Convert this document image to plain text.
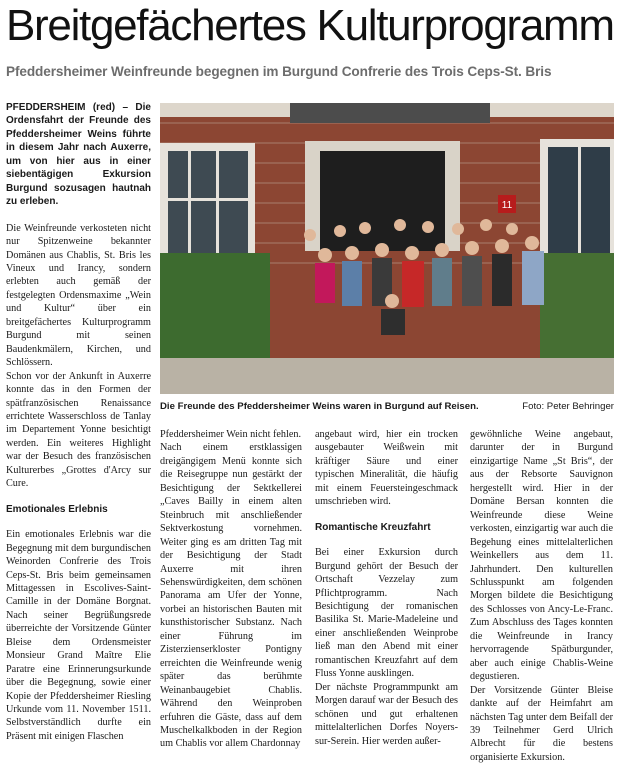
Breitgefächertes Kulturprogramm
Pfeddersheimer Weinfreunde begegnen im Burgund Confrerie des Trois Ceps-St. Bris

PFEDDERSHEIM (red) – Die Ordensfahrt der Freunde des Pfeddersheimer Weins führte in diesem Jahr nach Auxerre, um von hier aus in einer siebentägigen Exkursion Burgund sozusagen hautnah zu erleben.

Die Weinfreunde verkosteten nicht nur Spitzenweine bekannter Domänen aus Chablis, St. Bris les Vineux und Irancy, sondern erlebten auch gemäß der festgelegten Ordensmaxime „Wein und Kultur“ über ein breitgefächertes Kulturprogramm Burgund mit seinen Baudenkmälern, Kirchen, und Schlössern.

Schon vor der Ankunft in Auxerre konnte das in den Formen der spätfranzösischen Renaissance errichtete Wasserschloss de Tanlay im Departement Yonne besichtigt werden. Ein weiteres Highlight war der Besuch des französischen Kulturerbes „Grottes d'Arcy sur Cure.

Emotionales Erlebnis

Ein emotionales Erlebnis war die Begegnung mit dem burgundischen Weinorden Confrerie des Trois Ceps-St. Bris beim gemeinsamen Mittagessen in Escolives-Saint-Camille in der Domäne Borgnat. Nach seiner Begrüßungsrede überreichte der Vorsitzende Günter Bleise dem Ordensmeister Monsieur Grand Maître Elie Paratre eine Erinnerungsurkunde über die Begegnung, sowie einer Kopie der Pfeddersheimer Riesling Urkunde vom 11. November 1511. Selbstverständlich durfte ein Präsent mit einigen Flaschen

11
Die Freunde des Pfeddersheimer Weins waren in Burgund auf Reisen.	Foto: Peter Behringer

Pfeddersheimer Wein nicht fehlen.

Nach einem erstklassigen dreigängigem Menü konnte sich die Reisegruppe nun gestärkt der Besichtigung der Sektkellerei „Caves Bailly in einem alten Steinbruch mit anschließender Sektverkostung vornehmen. Weiter ging es am dritten Tag mit der Besichtigung der Stadt Auxerre mit ihren Sehenswürdigkeiten, dem schönen Panorama am Ufer der Yonne, vorbei an historischen Bauten mit kunsthistorischer Substanz. Nach einer Führung im Zisterzienserkloster Pontigny erreichten die Weinfreunde wenig später das berühmte Weinanbaugebiet Chablis. Während den Weinproben erfuhren die Gäste, dass auf dem Muschelkalkboden in der Region um Chablis vor allem Chardonnay

angebaut wird, hier ein trocken ausgebauter Weißwein mit kräftiger Säure und einer typischen Mineralität, die häufig mit einem Feuersteingeschmack umschrieben wird.

Romantische Kreuzfahrt

Bei einer Exkursion durch Burgund gehört der Besuch der Ortschaft Vezzelay zum Pflichtprogramm. Nach Besichtigung der romanischen Basilika St. Marie-Madeleine und einer anschließenden Weinprobe ließ man den Abend mit einer romantischen Kreuzfahrt auf dem Fluss Yonne ausklingen.

Der nächste Programmpunkt am Morgen darauf war der Besuch des schönen und gut erhaltenen mittelalterlichen Dorfes Noyers-sur-Serein. Hier werden außer-

gewöhnliche Weine angebaut, darunter der in Burgund einzigartige Name „St Bris“, der aus der Rebsorte Sauvignon hergestellt wird. Hier in der Domäne Bersan konnten die Weinfreunde diese Weine verkosten, einzigartig war auch die Begehung eines mittelalterlichen Weinkellers aus dem 11. Jahrhundert. Den kulturellen Schlusspunkt am folgenden Morgen bildete die Besichtigung des Schlosses von Ancy-Le-Franc. Zum Abschluss des Tages konnten die Weinfreunde in Irancy hervorragende Spätburgunder, aber auch einige Chablis-Weine degustieren.

Der Vorsitzende Günter Bleise dankte auf der Heimfahrt am nächsten Tag unter dem Beifall der 39 Teilnehmer Gerd Ulrich Albrecht für die bestens organisierte Exkursion.
